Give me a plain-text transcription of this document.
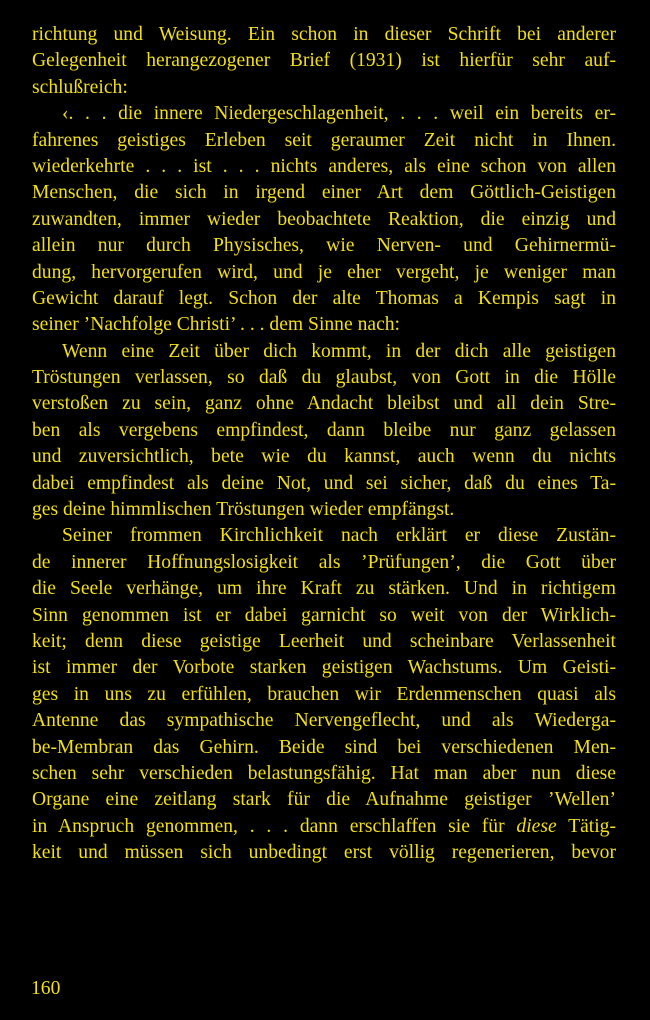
richtung und Weisung. Ein schon in dieser Schrift bei anderer
Gelegenheit herangezogener Brief (1931) ist hierfür sehr auf-
schlußreich:
‹. . . die innere Niedergeschlagenheit, . . . weil ein bereits er-
fahrenes geistiges Erleben seit geraumer Zeit nicht in Ihnen.
wiederkehrte . . . ist . . . nichts anderes, als eine schon von allen
Menschen, die sich in irgend einer Art dem Göttlich-Geistigen
zuwandten, immer wieder beobachtete Reaktion, die einzig und
allein nur durch Physisches, wie Nerven- und Gehirnermü-
dung, hervorgerufen wird, und je eher vergeht, je weniger man
Gewicht darauf legt. Schon der alte Thomas a Kempis sagt in
seiner ’Nachfolge Christi’ . . . dem Sinne nach:
Wenn eine Zeit über dich kommt, in der dich alle geistigen
Tröstungen verlassen, so daß du glaubst, von Gott in die Hölle
verstoßen zu sein, ganz ohne Andacht bleibst und all dein Stre-
ben als vergebens empfindest, dann bleibe nur ganz gelassen
und zuversichtlich, bete wie du kannst, auch wenn du nichts
dabei empfindest als deine Not, und sei sicher, daß du eines Ta-
ges deine himmlischen Tröstungen wieder empfängst.
Seiner frommen Kirchlichkeit nach erklärt er diese Zustän-
de innerer Hoffnungslosigkeit als ’Prüfungen’, die Gott über
die Seele verhänge, um ihre Kraft zu stärken. Und in richtigem
Sinn genommen ist er dabei garnicht so weit von der Wirklich-
keit; denn diese geistige Leerheit und scheinbare Verlassenheit
ist immer der Vorbote starken geistigen Wachstums. Um Geisti-
ges in uns zu erfühlen, brauchen wir Erdenmenschen quasi als
Antenne das sympathische Nervengeflecht, und als Wiederga-
be-Membran das Gehirn. Beide sind bei verschiedenen Men-
schen sehr verschieden belastungsfähig. Hat man aber nun diese
Organe eine zeitlang stark für die Aufnahme geistiger ’Wellen’
in Anspruch genommen, . . . dann erschlaffen sie für diese Tätig-
keit und müssen sich unbedingt erst völlig regenerieren, bevor
160
